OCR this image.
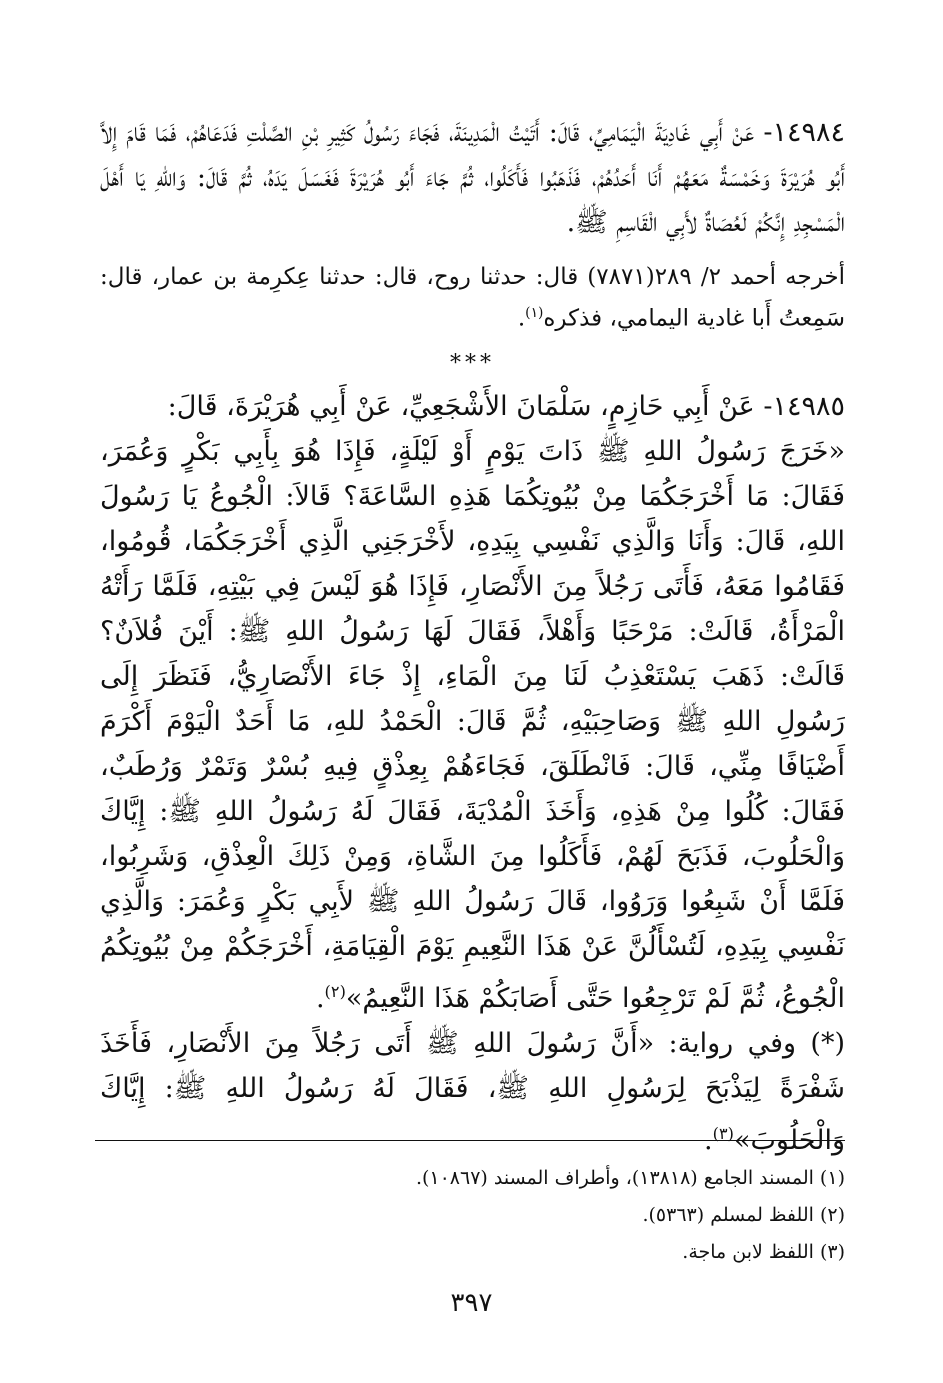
١٤٩٨٤- عَنْ أَبِي غَادِيَةَ الْيَمَامِيِّ، قَالَ: أَتَيْتُ الْمَدِينَةَ، فَجَاءَ رَسُولُ كَثِيرِ بْنِ الصَّلْتِ فَدَعَاهُمْ، فَمَا قَامَ إِلاَّ أَبُو هُرَيْرَةَ وَخَمْسَةٌ مَعَهُمْ أَنَا أَحَدُهُمْ، فَذَهَبُوا فَأَكَلُوا، ثُمَّ جَاءَ أَبُو هُرَيْرَةَ فَغَسَلَ يَدَهُ، ثُمَّ قَالَ: وَاللهِ يَا أَهْلَ الْمَسْجِدِ إِنَّكُمْ لَعُصَاةٌ لأَبِي الْقَاسِمِ ﷺ.

أخرجه أحمد ٢/ ٢٨٩(٧٨٧١) قال: حدثنا روح، قال: حدثنا عِكرِمة بن عمار، قال: سَمِعتُ أَبا غادية اليمامي، فذكره$^{(١)}$.

***

١٤٩٨٥- عَنْ أَبِي حَازِمٍ، سَلْمَانَ الأَشْجَعِيِّ، عَنْ أَبِي هُرَيْرَةَ، قَالَ:
«خَرَجَ رَسُولُ اللهِ ﷺ ذَاتَ يَوْمٍ أَوْ لَيْلَةٍ، فَإِذَا هُوَ بِأَبِي بَكْرٍ وَعُمَرَ، فَقَالَ: مَا أَخْرَجَكُمَا مِنْ بُيُوتِكُمَا هَذِهِ السَّاعَةَ؟ قَالاَ: الْجُوعُ يَا رَسُولَ اللهِ، قَالَ: وَأَنَا وَالَّذِي نَفْسِي بِيَدِهِ، لأَخْرَجَنِي الَّذِي أَخْرَجَكُمَا، قُومُوا، فَقَامُوا مَعَهُ، فَأَتَى رَجُلاً مِنَ الأَنْصَارِ، فَإِذَا هُوَ لَيْسَ فِي بَيْتِهِ، فَلَمَّا رَأَتْهُ الْمَرْأَةُ، قَالَتْ: مَرْحَبًا وَأَهْلاً، فَقَالَ لَهَا رَسُولُ اللهِ ﷺ: أَيْنَ فُلاَنٌ؟ قَالَتْ: ذَهَبَ يَسْتَعْذِبُ لَنَا مِنَ الْمَاءِ، إِذْ جَاءَ الأَنْصَارِيُّ، فَنَظَرَ إِلَى رَسُولِ اللهِ ﷺ وَصَاحِبَيْهِ، ثُمَّ قَالَ: الْحَمْدُ للهِ، مَا أَحَدٌ الْيَوْمَ أَكْرَمَ أَضْيَافًا مِنِّي، قَالَ: فَانْطَلَقَ، فَجَاءَهُمْ بِعِذْقٍ فِيهِ بُسْرٌ وَتَمْرٌ وَرُطَبٌ، فَقَالَ: كُلُوا مِنْ هَذِهِ، وَأَخَذَ الْمُدْيَةَ، فَقَالَ لَهُ رَسُولُ اللهِ ﷺ: إِيَّاكَ وَالْحَلُوبَ، فَذَبَحَ لَهُمْ، فَأَكَلُوا مِنَ الشَّاةِ، وَمِنْ ذَلِكَ الْعِذْقِ، وَشَرِبُوا، فَلَمَّا أَنْ شَبِعُوا وَرَوُوا، قَالَ رَسُولُ اللهِ ﷺ لأَبِي بَكْرٍ وَعُمَرَ: وَالَّذِي نَفْسِي بِيَدِهِ، لَتُسْأَلُنَّ عَنْ هَذَا النَّعِيمِ يَوْمَ الْقِيَامَةِ، أَخْرَجَكُمْ مِنْ بُيُوتِكُمُ الْجُوعُ، ثُمَّ لَمْ تَرْجِعُوا حَتَّى أَصَابَكُمْ هَذَا النَّعِيمُ»$^{(٢)}$.

(*) وفي رواية: «أَنَّ رَسُولَ اللهِ ﷺ أَتَى رَجُلاً مِنَ الأَنْصَارِ، فَأَخَذَ شَفْرَةً لِيَذْبَحَ لِرَسُولِ اللهِ ﷺ، فَقَالَ لَهُ رَسُولُ اللهِ ﷺ: إِيَّاكَ وَالْحَلُوبَ»$^{(٣)}$.

(١) المسند الجامع (١٣٨١٨)، وأطراف المسند (١٠٨٦٧).
(٢) اللفظ لمسلم (٥٣٦٣).
(٣) اللفظ لابن ماجة.
٣٩٧
